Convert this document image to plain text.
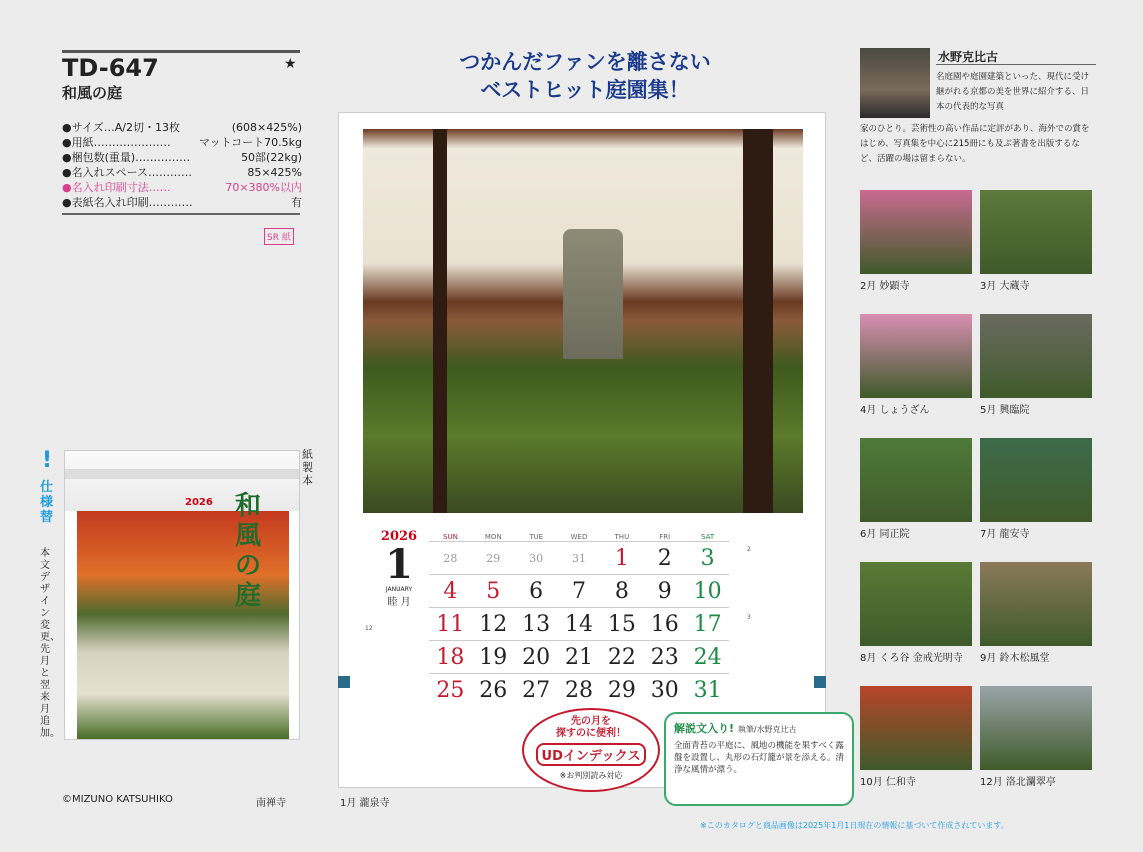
TD-647	★
和風の庭
●サイズ…A/2切・13枚	(608×425%)
●用紙…………………	マットコート70.5kg
●梱包数(重量)……………	50部(22kg)
●名入れスペース…………	85×425%
●名入れ印刷寸法……	70×380%以内
●表紙名入れ印刷…………	有
SR 紙
!
仕様替
本文デザイン変更、先月と翌来月追加。
紙製本
2026 和風の庭
©MIZUNO KATSUHIKO	南禅寺
つかんだファンを離さない
ベストヒット庭園集！
2026
1
JANUARY
睦 月
SUN	MON	TUE	WED	THU	FRI	SAT
28	29	30	31	1	2	3
4	5	6	7	8	9 10
11 12 13 14 15 16 17
18 19 20 21 22 23 24
25 26 27 28 29 30 31
12
2
3
先の月を
探すのに便利！
UDインデックス
※お判別読み対応
解説文入り! 執筆/水野克比古
全面青苔の平庭に、風地の機能を果すべく露盤を設置し、丸形の石灯籠が景を添える。清浄な風情が漂う。
1月 瀧泉寺
水野克比古
名庭園や庭園建築といった、現代に受け継がれる京都の美を世界に紹介する、日本の代表的な写真
家のひとり。芸術性の高い作品に定評があり、海外での賞をはじめ、写真集を中心に215冊にも及ぶ著書を出版するなど、活躍の場は留まらない。
2月 妙顕寺	3月 大蔵寺
4月 しょうざん	5月 興臨院
6月 同正院	7月 龍安寺
8月 くろ谷 金戒光明寺	9月 鈴木松風堂
10月 仁和寺	12月 洛北瀾翠亭
※このカタログと商品画像は2025年1月1日現在の情報に基づいて作成されています。
